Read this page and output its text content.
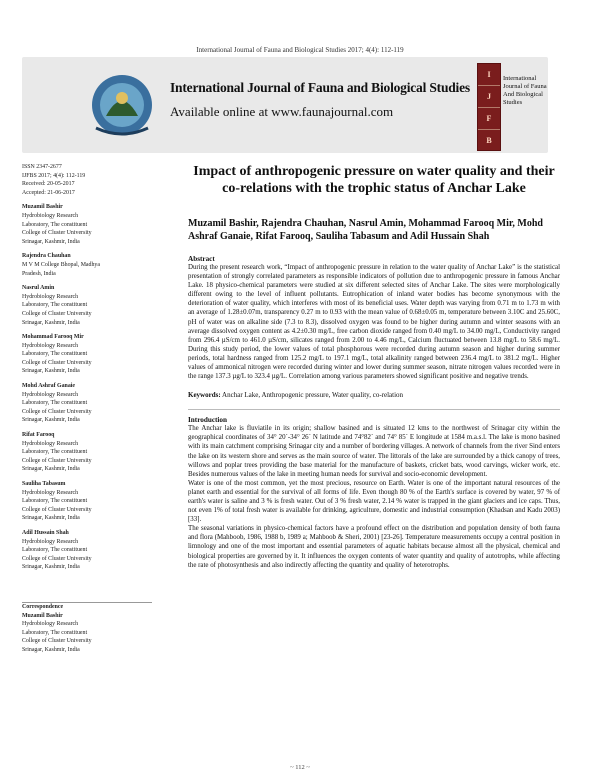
International Journal of Fauna and Biological Studies 2017; 4(4): 112-119
International Journal of Fauna and Biological Studies
Available online at www.faunajournal.com
I
J
F
B
International Journal of Fauna And Biological Studies
ISSN 2347-2677
IJFBS 2017; 4(4): 112-119
Received: 20-05-2017
Accepted: 21-06-2017
Muzamil Bashir
Hydrobiology Research
Laboratory, The constituent
College of Cluster University
Srinagar, Kashmir, India
Rajendra Chauhan
M V M College Bhopal, Madhya
Pradesh, India
Nasrul Amin
Hydrobiology Research
Laboratory, The constituent
College of Cluster University
Srinagar, Kashmir, India
Mohammad Farooq Mir
Hydrobiology Research
Laboratory, The constituent
College of Cluster University
Srinagar, Kashmir, India
Mohd Ashraf Ganaie
Hydrobiology Research
Laboratory, The constituent
College of Cluster University
Srinagar, Kashmir, India
Rifat Farooq
Hydrobiology Research
Laboratory, The constituent
College of Cluster University
Srinagar, Kashmir, India
Sauliha Tabasum
Hydrobiology Research
Laboratory, The constituent
College of Cluster University
Srinagar, Kashmir, India
Adil Hussain Shah
Hydrobiology Research
Laboratory, The constituent
College of Cluster University
Srinagar, Kashmir, India
Correspondence
Muzamil Bashir
Hydrobiology Research
Laboratory, The constituent
College of Cluster University
Srinagar, Kashmir, India
Impact of anthropogenic pressure on water quality and their co-relations with the trophic status of Anchar Lake
Muzamil Bashir, Rajendra Chauhan, Nasrul Amin, Mohammad Farooq Mir, Mohd Ashraf Ganaie, Rifat Farooq, Sauliha Tabasum and Adil Hussain Shah
Abstract
During the present research work, “Impact of anthropogenic pressure in relation to the water quality of Anchar Lake” is the statistical presentation of strongly correlated parameters as responsible indicators of pollution due to anthropogenic pressure in famous Anchar Lake. 18 physico-chemical parameters were studied at six different selected sites of Anchar Lake. The sites were morphologically different owing to the level of influent pollutants. Eutrophication of inland water bodies has become synonymous with the deterioration of water quality, which interferes with most of its beneficial uses. Water depth was varying from 0.71 m to 1.73 m with an average of 1.28±0.07m, transparency 0.27 m to 0.93 with the mean value of 0.68±0.05 m, temperature between 3.10C and 25.60C, pH of water was on alkaline side (7.3 to 8.3), dissolved oxygen was found to be higher during autumn and winter seasons with an average dissolved oxygen content as 4.2±0.30 mg/L, free carbon dioxide ranged from 0.40 mg/L to 34.00 mg/L, Conductivity ranged from 296.4 µS/cm to 461.0 µS/cm, silicates ranged from 2.00 to 4.46 mg/L, Calcium fluctuated between 13.8 mg/L to 58.6 mg/L. During this study period, the lower values of total phosphorous were recorded during autumn season and higher during summer periods, total hardness ranged from 125.2 mg/L to 197.1 mg/L, total alkalinity ranged between 236.4 mg/L to 381.2 mg/L. Higher values of ammonical nitrogen were recorded during winter and lower during summer season, nitrate nitrogen values recorded were in the range 137.3 µg/L to 323.4 µg/L. Correlation among various parameters showed significant positive and negative trends.
Keywords: Anchar Lake, Anthropogenic pressure, Water quality, co-relation
Introduction
The Anchar lake is fluviatile in its origin; shallow basined and is situated 12 kms to the northwest of Srinagar city within the geographical coordinates of 34° 20´-34° 26´ N latitude and 74°82´ and 74° 85´ E longitude at 1584 m.a.s.l. The lake is mono basined with its main catchment comprising Srinagar city and a number of bordering villages. A network of channels from the river Sind enters the lake on its western shore and serves as the main source of water. The littorals of the lake are surrounded by a thick canopy of trees, willows and poplar trees providing the base material for the manufacture of baskets, cricket bats, wood carvings, wicker work, etc. Besides numerous values of the lake in meeting human needs for survival and socio-economic development.
Water is one of the most common, yet the most precious, resource on Earth. Water is one of the important natural resources of the planet earth and essential for the survival of all forms of life. Even though 80 % of the Earth's surface is covered by water, 97 % of earth's water is saline and 3 % is fresh water. Out of 3 % fresh water, 2.14 % water is trapped in the giant glaciers and ice caps. Thus, not even 1% of total fresh water is available for drinking, agriculture, domestic and industrial consumption (Khadsan and Kadu 2003) [33].
The seasonal variations in physico-chemical factors have a profound effect on the distribution and population density of both fauna and flora (Mahboob, 1986, 1988 b, 1989 a; Mahboob & Sheri, 2001) [23-26]. Temperature measurements occupy a central position in limnology and one of the most important and essential parameters of aquatic habitats because almost all the physical, chemical and biological properties are governed by it. It influences the oxygen contents of water quantity and quality of autotrophs, while affecting the rate of photosynthesis and also indirectly affecting the quantity and quality of heterotrophs.
~ 112 ~
